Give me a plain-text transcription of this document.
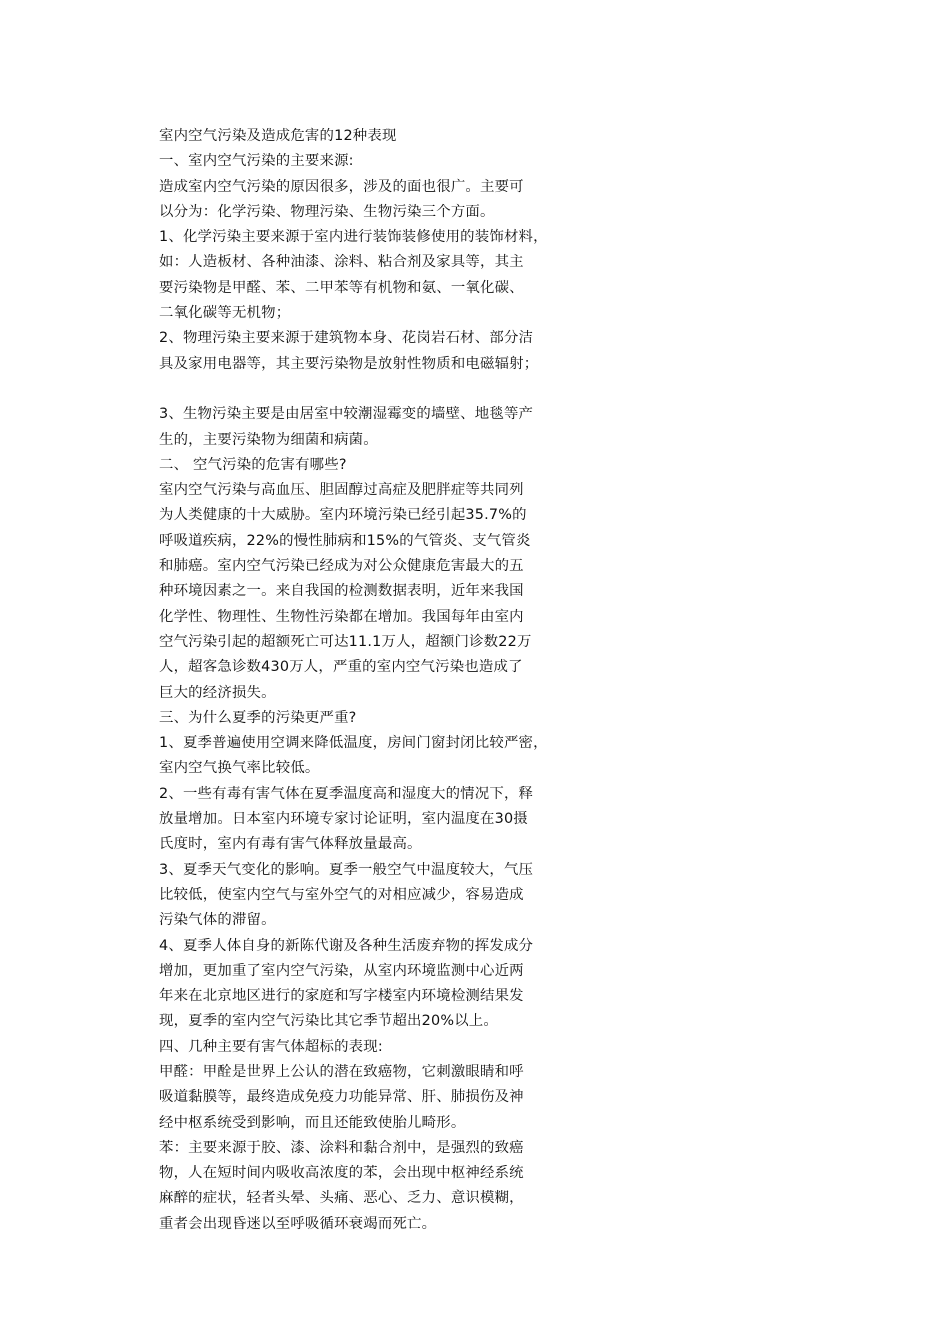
室内空气污染及造成危害的12种表现
一、室内空气污染的主要来源:
造成室内空气污染的原因很多，涉及的面也很广。主要可
以分为：化学污染、物理污染、生物污染三个方面。
1、化学污染主要来源于室内进行装饰装修使用的装饰材料，
如：人造板材、各种油漆、涂料、粘合剂及家具等，其主
要污染物是甲醛、苯、二甲苯等有机物和氨、一氧化碳、
二氧化碳等无机物；
2、物理污染主要来源于建筑物本身、花岗岩石材、部分洁
具及家用电器等，其主要污染物是放射性物质和电磁辐射；
3、生物污染主要是由居室中较潮湿霉变的墙壁、地毯等产
生的，主要污染物为细菌和病菌。
二、 空气污染的危害有哪些?
室内空气污染与高血压、胆固醇过高症及肥胖症等共同列
为人类健康的十大威胁。室内环境污染已经引起35.7%的
呼吸道疾病，22%的慢性肺病和15%的气管炎、支气管炎
和肺癌。室内空气污染已经成为对公众健康危害最大的五
种环境因素之一。来自我国的检测数据表明，近年来我国
化学性、物理性、生物性污染都在增加。我国每年由室内
空气污染引起的超额死亡可达11.1万人，超额门诊数22万
人，超客急诊数430万人，严重的室内空气污染也造成了
巨大的经济损失。
三、为什么夏季的污染更严重?
1、夏季普遍使用空调来降低温度，房间门窗封闭比较严密，
室内空气换气率比较低。
2、一些有毒有害气体在夏季温度高和湿度大的情况下，释
放量增加。日本室内环境专家讨论证明，室内温度在30摄
氏度时，室内有毒有害气体释放量最高。
3、夏季天气变化的影响。夏季一般空气中温度较大，气压
比较低，使室内空气与室外空气的对相应减少，容易造成
污染气体的滞留。
4、夏季人体自身的新陈代谢及各种生活废弃物的挥发成分
增加，更加重了室内空气污染，从室内环境监测中心近两
年来在北京地区进行的家庭和写字楼室内环境检测结果发
现，夏季的室内空气污染比其它季节超出20%以上。
四、几种主要有害气体超标的表现:
甲醛：甲酫是世界上公认的潜在致癌物，它刺激眼睛和呼
吸道黏膜等，最终造成免疫力功能异常、肝、肺损伤及神
经中枢系统受到影响，而且还能致使胎儿畸形。
苯：主要来源于胶、漆、涂料和黏合剂中，是强烈的致癌
物，人在短时间内吸收高浓度的苯，会出现中枢神经系统
麻醉的症状，轻者头晕、头痛、恶心、乏力、意识模糊，
重者会出现昏迷以至呼吸循环衰竭而死亡。
